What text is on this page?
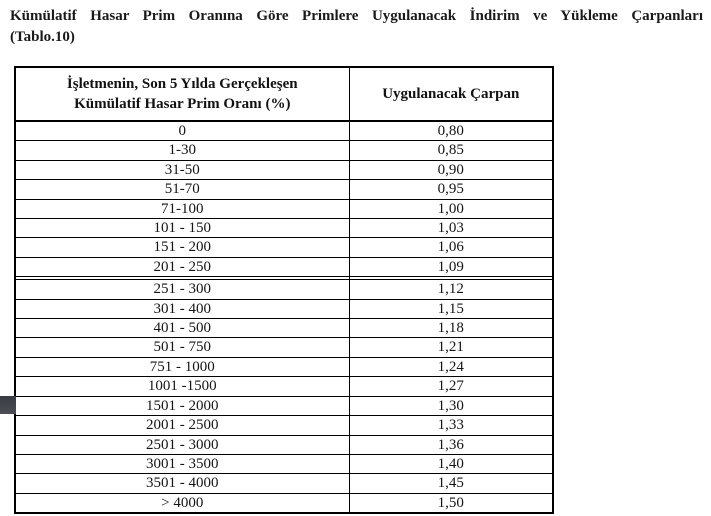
Kümülatif Hasar Prim Oranına Göre Primlere Uygulanacak İndirim ve Yükleme Çarpanları
(Tablo.10)
İşletmenin, Son 5 Yılda Gerçekleşen
Kümülatif Hasar Prim Oranı (%)	Uygulanacak Çarpan
0	0,80
1-30	0,85
31-50	0,90
51-70	0,95
71-100	1,00
101 - 150	1,03
151 - 200	1,06
201 - 250	1,09

251 - 300	1,12
301 - 400	1,15
401 - 500	1,18
501 - 750	1,21
751 - 1000	1,24
1001 -1500	1,27
1501 - 2000	1,30
2001 - 2500	1,33
2501 - 3000	1,36
3001 - 3500	1,40
3501 - 4000	1,45
> 4000	1,50
